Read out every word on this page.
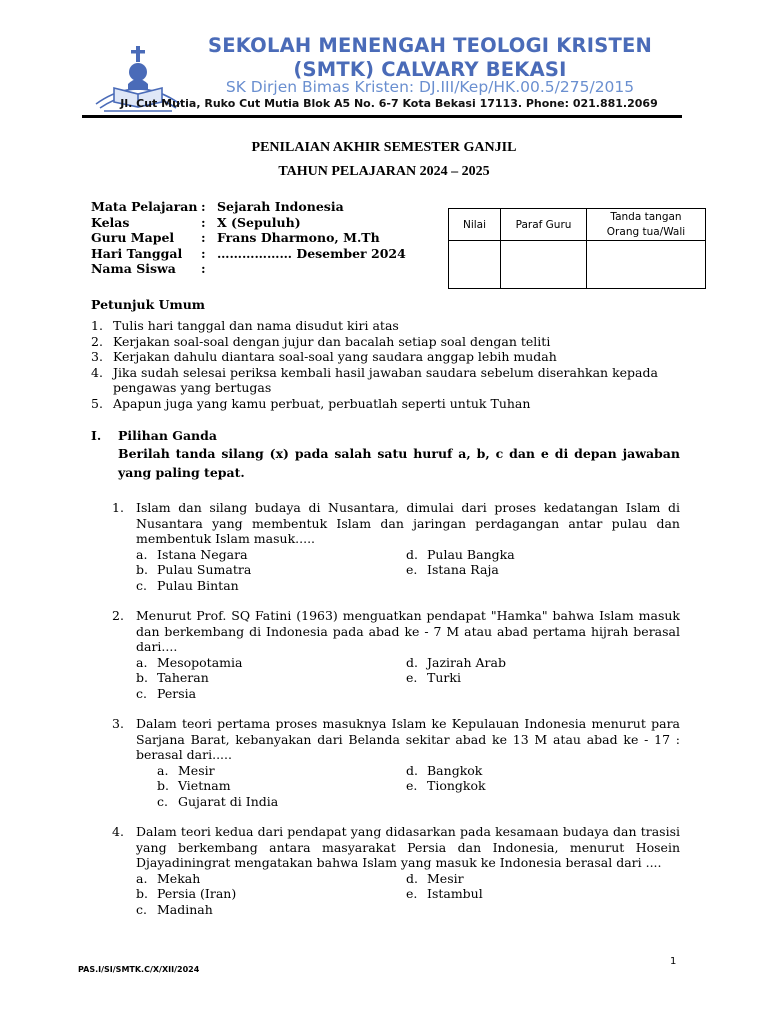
SEKOLAH MENENGAH TEOLOGI KRISTEN
(SMTK) CALVARY BEKASI
SK Dirjen Bimas Kristen: DJ.III/Kep/HK.00.5/275/2015
Jl. Cut Mutia, Ruko Cut Mutia Blok A5 No. 6-7 Kota Bekasi 17113. Phone: 021.881.2069
PENILAIAN AKHIR SEMESTER GANJIL
TAHUN PELAJARAN 2024 – 2025
Mata Pelajaran : Sejarah Indonesia
Kelas	: X (Sepuluh)
Guru Mapel	: Frans Dharmono, M.Th
Hari Tanggal	: ……………… Desember 2024
Nama Siswa	:
Nilai	Paraf Guru	Tanda tangan
Orang tua/Wali

Petunjuk Umum
1. Tulis hari tanggal dan nama disudut kiri atas
2. Kerjakan soal-soal dengan jujur dan bacalah setiap soal dengan teliti
3. Kerjakan dahulu diantara soal-soal yang saudara anggap lebih mudah
4. Jika sudah selesai periksa kembali hasil jawaban saudara sebelum diserahkan kepada pengawas yang bertugas
5. Apapun juga yang kamu perbuat, perbuatlah seperti untuk Tuhan
I.	Pilihan Ganda
Berilah tanda silang (x) pada salah satu huruf a, b, c dan e di depan jawaban yang paling tepat.
1. Islam dan silang budaya di Nusantara, dimulai dari proses kedatangan Islam di Nusantara yang membentuk Islam dan jaringan perdagangan antar pulau dan membentuk Islam masuk.....
a. Istana Negara	d. Pulau Bangka
b. Pulau Sumatra	e. Istana Raja
c. Pulau Bintan
2. Menurut Prof. SQ Fatini (1963) menguatkan pendapat "Hamka" bahwa Islam masuk dan berkembang di Indonesia pada abad ke - 7 M atau abad pertama hijrah berasal dari....
a. Mesopotamia	d. Jazirah Arab
b. Taheran	e. Turki
c. Persia
3. Dalam teori pertama proses masuknya Islam ke Kepulauan Indonesia menurut para Sarjana Barat, kebanyakan dari Belanda sekitar abad ke 13 M atau abad ke - 17 : berasal dari.....
a. Mesir	d. Bangkok
b. Vietnam	e. Tiongkok
c. Gujarat di India
4. Dalam teori kedua dari pendapat yang didasarkan pada kesamaan budaya dan trasisi yang berkembang antara masyarakat Persia dan Indonesia, menurut Hosein Djayadiningrat mengatakan bahwa Islam yang masuk ke Indonesia berasal dari ....
a. Mekah	d. Mesir
b. Persia (Iran)	e. Istambul
c. Madinah
PAS.I/SI/SMTK.C/X/XII/2024
1
